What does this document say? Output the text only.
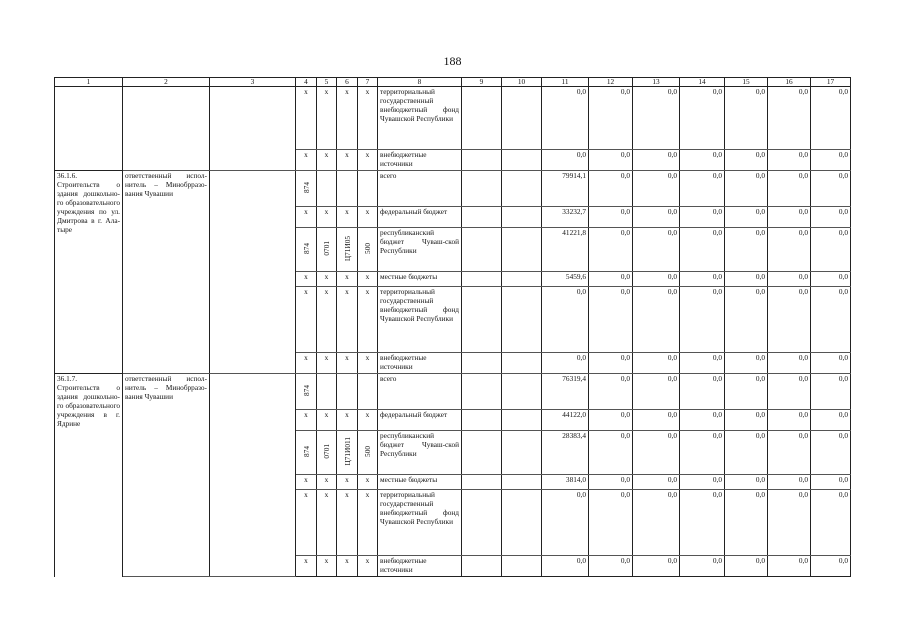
188
1	2	3	4	5	6	7	8	9	10	11	12	13	14	15	16	17
			х	х	х	х	территориальный государственный внебюджетный фонд Чувашской Республики			0,0	0,0	0,0	0,0	0,0	0,0	0,0
			х	х	х	х	внебюджетные источники			0,0	0,0	0,0	0,0	0,0	0,0	0,0
36.1.6. Строительств о здания дошкольно-го образовательного учреждения по ул. Дмитрова в г. Ала-тыре	ответственный испол-нитель – Минобрразо-вания Чувашии		874				всего			79914,1	0,0	0,0	0,0	0,0	0,0	0,0
			х	х	х	х	федеральный бюджет			33232,7	0,0	0,0	0,0	0,0	0,0	0,0
			874	0701	Ц71И05	500	республиканский бюджет Чуваш-ской Республики			41221,8	0,0	0,0	0,0	0,0	0,0	0,0
			х	х	х	х	местные бюджеты			5459,6	0,0	0,0	0,0	0,0	0,0	0,0
			х	х	х	х	территориальный государственный внебюджетный фонд Чувашской Республики			0,0	0,0	0,0	0,0	0,0	0,0	0,0
			х	х	х	х	внебюджетные источники			0,0	0,0	0,0	0,0	0,0	0,0	0,0
36.1.7. Строительств о здания дошкольно-го образовательного учреждения в г. Ядрине	ответственный испол-нитель – Минобрразо-вания Чувашии		874				всего			76319,4	0,0	0,0	0,0	0,0	0,0	0,0
			х	х	х	х	федеральный бюджет			44122,0	0,0	0,0	0,0	0,0	0,0	0,0
			874	0701	Ц71И011	500	республиканский бюджет Чуваш-ской Республики			28383,4	0,0	0,0	0,0	0,0	0,0	0,0
			х	х	х	х	местные бюджеты			3814,0	0,0	0,0	0,0	0,0	0,0	0,0
			х	х	х	х	территориальный государственный внебюджетный фонд Чувашской Республики			0,0	0,0	0,0	0,0	0,0	0,0	0,0
			х	х	х	х	внебюджетные источники			0,0	0,0	0,0	0,0	0,0	0,0	0,0
